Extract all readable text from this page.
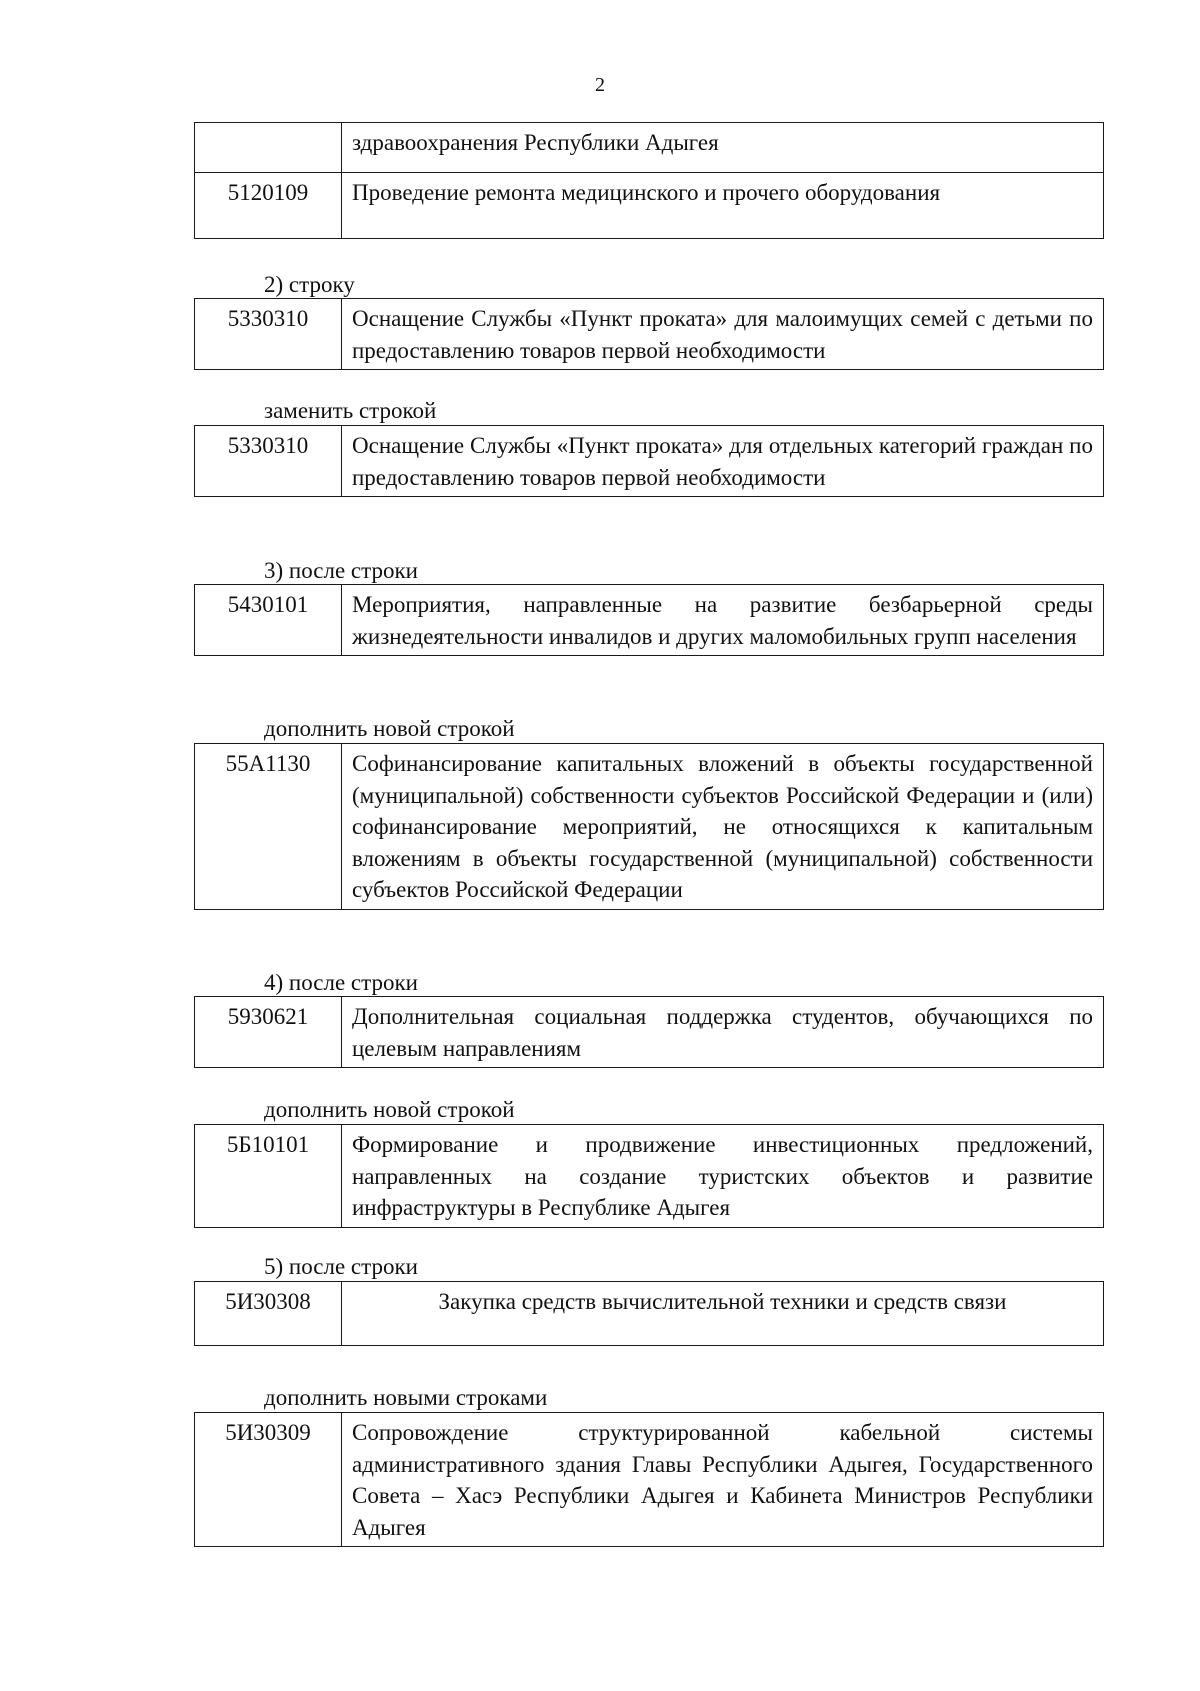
2
	здравоохранения Республики Адыгея
5120109	Проведение ремонта медицинского и прочего оборудования
2) строку
5330310	Оснащение Службы «Пункт проката» для малоимущих семей с детьми по предоставлению товаров первой необходимости
заменить строкой
5330310	Оснащение Службы «Пункт проката» для отдельных категорий граждан по предоставлению товаров первой необходимости
3) после строки
5430101	Мероприятия, направленные на развитие безбарьерной среды жизнедеятельности инвалидов и других маломобильных групп населения
дополнить новой строкой
55А1130	Софинансирование капитальных вложений в объекты государственной (муниципальной) собственности субъектов Российской Федерации и (или) софинансирование мероприятий, не относящихся к капитальным вложениям в объекты государственной (муниципальной) собственности субъектов Российской Федерации
4) после строки
5930621	Дополнительная социальная поддержка студентов, обучающихся по целевым направлениям
дополнить новой строкой
5Б10101	Формирование и продвижение инвестиционных предложений, направленных на создание туристских объектов и развитие инфраструктуры в Республике Адыгея
5) после строки
5И30308	Закупка средств вычислительной техники и средств связи
дополнить новыми строками
5И30309	Сопровождение структурированной кабельной системы административного здания Главы Республики Адыгея, Государственного Совета – Хасэ Республики Адыгея и Кабинета Министров Республики Адыгея
